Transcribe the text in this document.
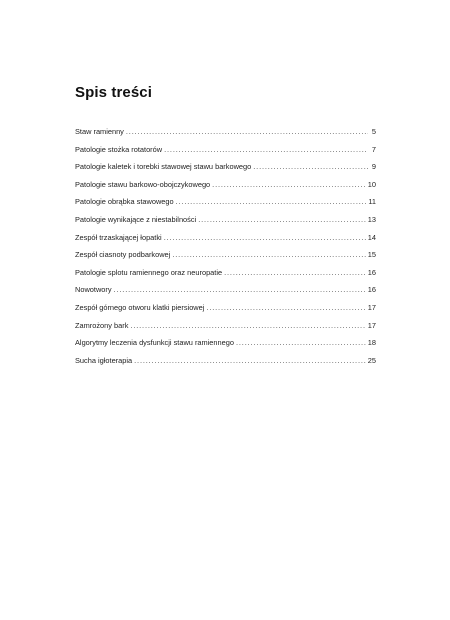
Spis treści
Staw ramienny . . .	5
Patologie stożka rotatorów . . .	7
Patologie kaletek i torebki stawowej stawu barkowego . . .	9
Patologie stawu barkowo-obojczykowego . . .	10
Patologie obrąbka stawowego . . .	11
Patologie wynikające z niestabilności . . .	13
Zespół trzaskającej łopatki . . .	14
Zespół ciasnoty podbarkowej . . .	15
Patologie splotu ramiennego oraz neuropatie . . .	16
Nowotwory . . .	16
Zespół górnego otworu klatki piersiowej . . .	17
Zamrożony bark . . .	17
Algorytmy leczenia dysfunkcji stawu ramiennego . . .	18
Sucha igłoterapia . . .	25
